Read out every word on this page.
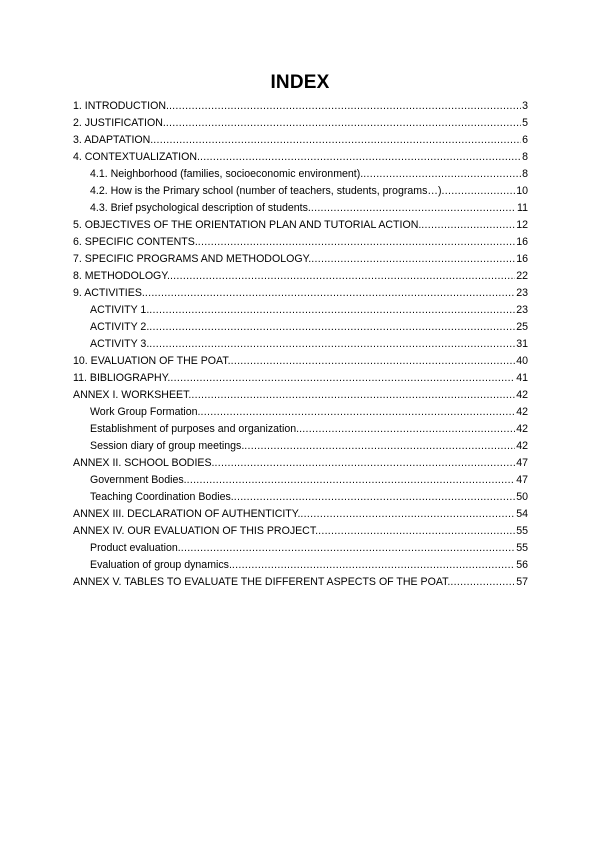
INDEX
1. INTRODUCTION. .....	3
2. JUSTIFICATION. .....	5
3. ADAPTATION. .....	6
4. CONTEXTUALIZATION. .....	8
4.1. Neighborhood (families, socioeconomic environment). .....	8
4.2. How is the Primary school (number of teachers, students, programs…) .....	10
4.3. Brief psychological description of students. .....	11
5. OBJECTIVES OF THE ORIENTATION PLAN AND TUTORIAL ACTION. .....	12
6. SPECIFIC CONTENTS. .....	16
7. SPECIFIC PROGRAMS AND METHODOLOGY. .....	16
8. METHODOLOGY. .....	22
9. ACTIVITIES. .....	23
ACTIVITY 1. .....	23
ACTIVITY 2. .....	25
ACTIVITY 3. .....	31
10. EVALUATION OF THE POAT. .....	40
11. BIBLIOGRAPHY. .....	41
ANNEX I. WORKSHEET. .....	42
Work Group Formation. .....	42
Establishment of purposes and organization. .....	42
Session diary of group meetings. .....	42
ANNEX II. SCHOOL BODIES. .....	47
Government Bodies. .....	47
Teaching Coordination Bodies. .....	50
ANNEX III. DECLARATION OF AUTHENTICITY. .....	54
ANNEX IV. OUR EVALUATION OF THIS PROJECT. .....	55
Product evaluation. .....	55
Evaluation of group dynamics. .....	56
ANNEX V. TABLES TO EVALUATE THE DIFFERENT ASPECTS OF THE POAT. .....	57
